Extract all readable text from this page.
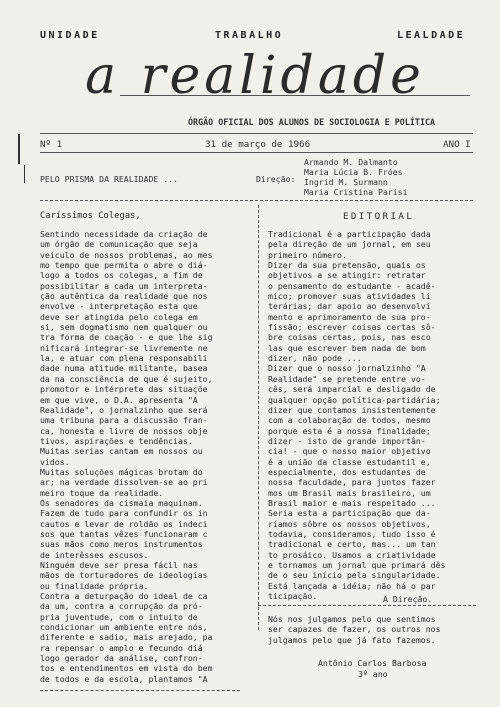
UNIDADE	TRABALHO	LEALDADE
a realidade
ÓRGÃO OFICIAL DOS ALUNOS DE SOCIOLOGIA E POLÍTICA
Nº 1	31 de março de 1966	ANO I
PELO PRISMA DA REALIDADE ...	Direção:
Armando M. Dalmanto
Maria Lúcia B. Fróes
Ingrid M. Surmann
Maria Cristina Parisi
Caríssimos Colegas,
Sentindo necessidade da criação de
um órgão de comunicação que seja
veículo de nossos problemas, ao mes
mo tempo que permita o abre o diá-
logo a todos os colegas, a fim de
possibilitar a cada um interpreta-
ção autêntica da realidade que nos
envolve - interpretação esta que
deve ser atingida pelo colega em
si, sem dogmatismo nem qualquer ou
tra forma de coação - e que lhe sig
nificará integrar-se livremente ne
la, e atuar com plena responsabili
dade numa atitude militante, basea
da na consciência de que é sujeito,
promotor e intérprete das situaçõe
em que vive, o D.A. apresenta "A
Realidade", o jornalzinho que será
uma tribuna para a discussão fran-
ca, honesta e livre de nossos obje
tivos, aspirações e tendências.
Muitas serias cantam em nossos ou
vidos.
Muitas soluções mágicas brotam do
ar; na verdade dissolvem-se ao pri
meiro toque da realidade.
Os senadores da cismaia maquinam.
Fazem de tudo para confundir os in
cautos e levar de roldão os indeci
sos que tantas vêzes funcionaram c
suas mãos como meros instrumentos
de interêsses escusos.
Ninguém deve ser presa fácil nas
mãos de torturadores de ideologias
ou finalidade própria.
Contra a deturpação do ideal de ca
da um, contra a corrupção da pró-
pria juventude, com o intuito de
condicionar um ambiente entre nós,
diferente e sadio, mais arejado, pa
ra repensar o amplo e fecundo diá
logo gerador da análise, confron-
tos e entendimentos em vista do bem
de todos e da escola, plantamos "A
EDITORIAL
Tradicional é a participação dada
pela direção de um jornal, em seu
primeiro número.
Dizer da sua pretensão, quais os
objetivos a se atingir: retratar
o pensamento do estudante - acadê-
mico; promover suas atividades li
terárias; dar apoio ao desenvolvi
mento e aprimoramento de sua pro-
fissão; escrever coisas certas sô-
bre coisas certas, pois, nas esco
las que escrever bem nada de bom
dizer, não pode ...
Dizer que o nosso jornalzinho "A
Realidade" se pretende entre vo-
cês, será imparcial e desligado de
qualquer opção política-partidária;
dizer que contamos insistentemente
com a colaboração de todos, mesmo
porque esta é a nossa finalidade;
dizer - isto de grande importân-
cia! - que o nosso maior objetivo
é a união da classe estudantil e,
especialmente, dos estudantes de
nossa faculdade, para juntos fazer
mos um Brasil mais brasileiro, um
Brasil maior e mais respeitado ...
Seria esta a participação que da-
ríamos sôbre os nossos objetivos,
todavia, consideramos, tudo isso é
tradicional e certo, mas... um tan
to prosáico. Usamos a criatividade
e tornamos um jornal que primará dês
de o seu início pela singularidade.
Está lançada a idéia; não há o par
ticipação.	A Direção.
Nós nos julgamos pelo que sentimos
ser capazes de fazer, os outros nos
julgamos pelo que já fato fazemos.
Antônio Carlos Barbosa
3º ano
